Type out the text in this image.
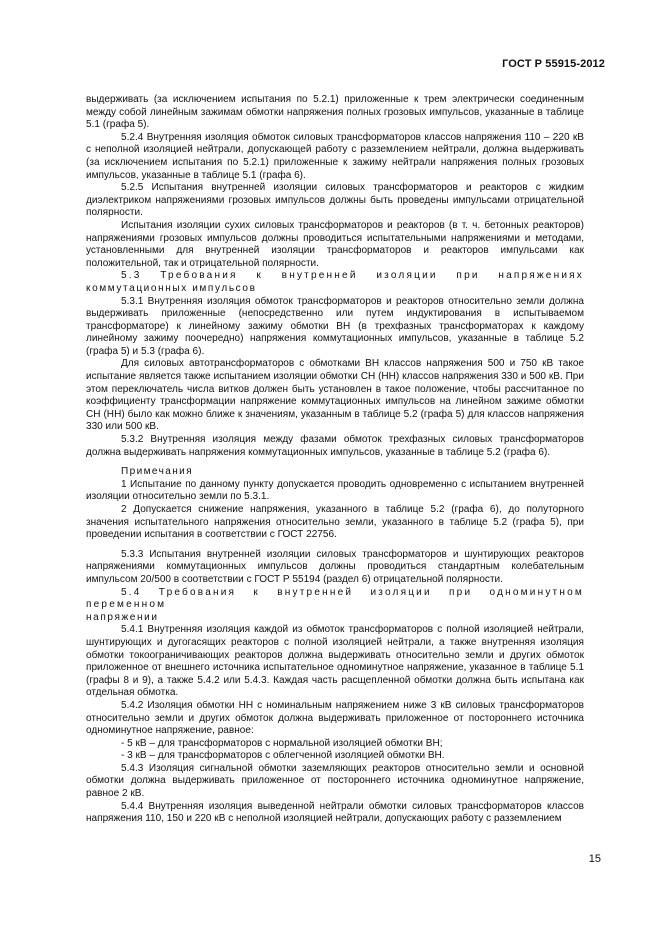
ГОСТ Р 55915-2012

выдерживать (за исключением испытания по 5.2.1) приложенные к трем электрически соединенным между собой линейным зажимам обмотки напряжения полных грозовых импульсов, указанные в таблице 5.1 (графа 5).

5.2.4 Внутренняя изоляция обмоток силовых трансформаторов классов напряжения 110 – 220 кВ с неполной изоляцией нейтрали, допускающей работу с разземлением нейтрали, должна выдерживать (за исключением испытания по 5.2.1) приложенные к зажиму нейтрали напряжения полных грозовых импульсов, указанные в таблице 5.1 (графа 6).

5.2.5 Испытания внутренней изоляции силовых трансформаторов и реакторов с жидким диэлектриком напряжениями грозовых импульсов должны быть проведены импульсами отрицательной полярности.

Испытания изоляции сухих силовых трансформаторов и реакторов (в т. ч. бетонных реакторов) напряжениями грозовых импульсов должны проводиться испытательными напряжениями и методами, установленными для внутренней изоляции трансформаторов и реакторов импульсами как положительной, так и отрицательной полярности.

5.3 Требования к внутренней изоляции при напряжениях

коммутационных импульсов

5.3.1 Внутренняя изоляция обмоток трансформаторов и реакторов относительно земли должна выдерживать приложенные (непосредственно или путем индуктирования в испытываемом трансформаторе) к линейному зажиму обмотки ВН (в трехфазных трансформаторах к каждому линейному зажиму поочередно) напряжения коммутационных импульсов, указанные в таблице 5.2 (графа 5) и 5.3 (графа 6).

Для силовых автотрансформаторов с обмотками ВН классов напряжения 500 и 750 кВ такое испытание является также испытанием изоляции обмотки СН (НН) классов напряжения 330 и 500 кВ. При этом переключатель числа витков должен быть установлен в такое положение, чтобы рассчитанное по коэффициенту трансформации напряжение коммутационных импульсов на линейном зажиме обмотки СН (НН) было как можно ближе к значениям, указанным в таблице 5.2 (графа 5) для классов напряжения 330 или 500 кВ.

5.3.2 Внутренняя изоляция между фазами обмоток трехфазных силовых трансформаторов должна выдерживать напряжения коммутационных импульсов, указанные в таблице 5.2 (графа 6).

Примечания

1 Испытание по данному пункту допускается проводить одновременно с испытанием внутренней изоляции относительно земли по 5.3.1.

2 Допускается снижение напряжения, указанного в таблице 5.2 (графа 6), до полуторного значения испытательного напряжения относительно земли, указанного в таблице 5.2 (графа 5), при проведении испытания в соответствии с ГОСТ 22756.

5.3.3 Испытания внутренней изоляции силовых трансформаторов и шунтирующих реакторов напряжениями коммутационных импульсов должны проводиться стандартным колебательным импульсом 20/500 в соответствии с ГОСТ Р 55194 (раздел 6) отрицательной полярности.

5.4 Требования к внутренней изоляции при одноминутном переменном

напряжении

5.4.1 Внутренняя изоляция каждой из обмоток трансформаторов с полной изоляцией нейтрали, шунтирующих и дугогасящих реакторов с полной изоляцией нейтрали, а также внутренняя изоляция обмотки токоограничивающих реакторов должна выдерживать относительно земли и других обмоток приложенное от внешнего источника испытательное одноминутное напряжение, указанное в таблице 5.1 (графы 8 и 9), а также 5.4.2 или 5.4.3. Каждая часть расщепленной обмотки должна быть испытана как отдельная обмотка.

5.4.2 Изоляция обмотки НН с номинальным напряжением ниже 3 кВ силовых трансформаторов относительно земли и других обмоток должна выдерживать приложенное от постороннего источника одноминутное напряжение, равное:

- 5 кВ – для трансформаторов с нормальной изоляцией обмотки ВН;

- 3 кВ – для трансформаторов с облегченной изоляцией обмотки ВН.

5.4.3 Изоляция сигнальной обмотки заземляющих реакторов относительно земли и основной обмотки должна выдерживать приложенное от постороннего источника одноминутное напряжение, равное 2 кВ.

5.4.4 Внутренняя изоляция выведенной нейтрали обмотки силовых трансформаторов классов напряжения 110, 150 и 220 кВ с неполной изоляцией нейтрали, допускающих работу с разземлением

15
